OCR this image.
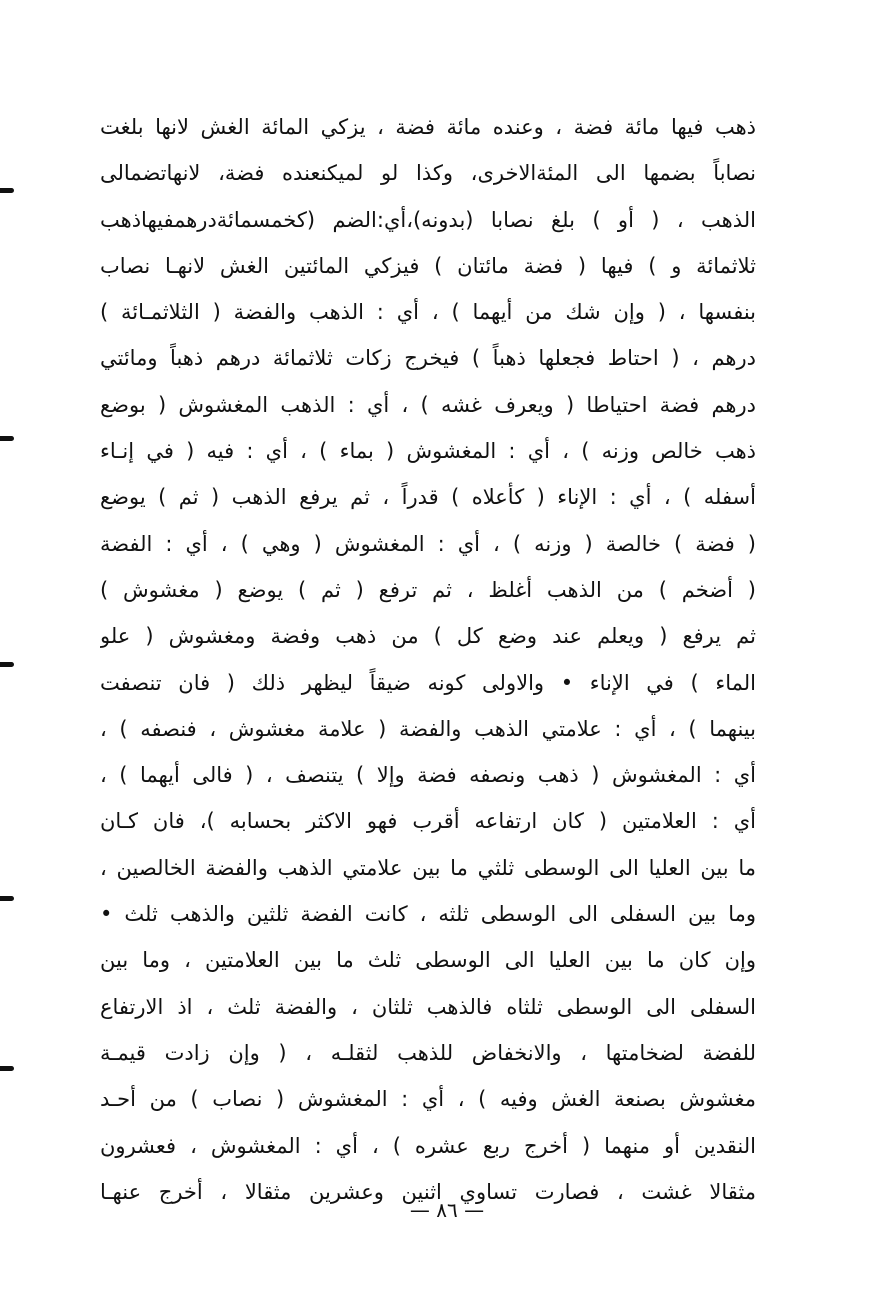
ذهب فيها مائة فضة ، وعنده مائة فضة ، يزكي المائة الغش لانها بلغت
نصاباً بضمها الى المئةالاخرى، وكذا لو لميكنعنده فضة، لانهاتضمالى
الذهب ، ( أو ) بلغ نصابا (بدونه)،أي:الضم (كخمسمائةدرهمفيهاذهب
ثلاثمائة و ) فيها ( فضة مائتان ) فيزكي المائتين الغش لانهـا نصاب
بنفسها ، ( وإن شك من أيهما ) ، أي : الذهب والفضة ( الثلاثمـائة )
درهم ، ( احتاط فجعلها ذهباً ) فيخرج زكات ثلاثمائة درهم ذهباً ومائتي
درهم فضة احتياطا ( ويعرف غشه ) ، أي : الذهب المغشوش ( بوضع
ذهب خالص وزنه ) ، أي : المغشوش ( بماء ) ، أي : فيه ( في إنـاء
أسفله ) ، أي : الإناء ( كأعلاه ) قدراً ، ثم يرفع الذهب ( ثم ) يوضع
( فضة ) خالصة ( وزنه ) ، أي : المغشوش ( وهي ) ، أي : الفضة
( أضخم ) من الذهب أغلظ ، ثم ترفع ( ثم ) يوضع ( مغشوش )
ثم يرفع ( ويعلم عند وضع كل ) من ذهب وفضة ومغشوش ( علو
الماء ) في الإناء • والاولى كونه ضيقاً ليظهر ذلك ( فان تنصفت
بينهما ) ، أي : علامتي الذهب والفضة ( علامة مغشوش ، فنصفه ) ،
أي : المغشوش ( ذهب ونصفه فضة وإلا ) يتنصف ، ( فالى أيهما ) ،
أي : العلامتين ( كان ارتفاعه أقرب فهو الاكثر بحسابه )، فان كـان
ما بين العليا الى الوسطى ثلثي ما بين علامتي الذهب والفضة الخالصين ،
وما بين السفلى الى الوسطى ثلثه ، كانت الفضة ثلثين والذهب ثلث •
وإن كان ما بين العليا الى الوسطى ثلث ما بين العلامتين ، وما بين
السفلى الى الوسطى ثلثاه فالذهب ثلثان ، والفضة ثلث ، اذ الارتفاع
للفضة لضخامتها ، والانخفاض للذهب لثقلـه ، ( وإن زادت قيمـة
مغشوش بصنعة الغش وفيه ) ، أي : المغشوش ( نصاب ) من أحـد
النقدين أو منهما ( أخرج ربع عشره ) ، أي : المغشوش ، فعشرون
مثقالا غشت ، فصارت تساوي اثنين وعشرين مثقالا ، أخرج عنهـا
— ٨٦ —
